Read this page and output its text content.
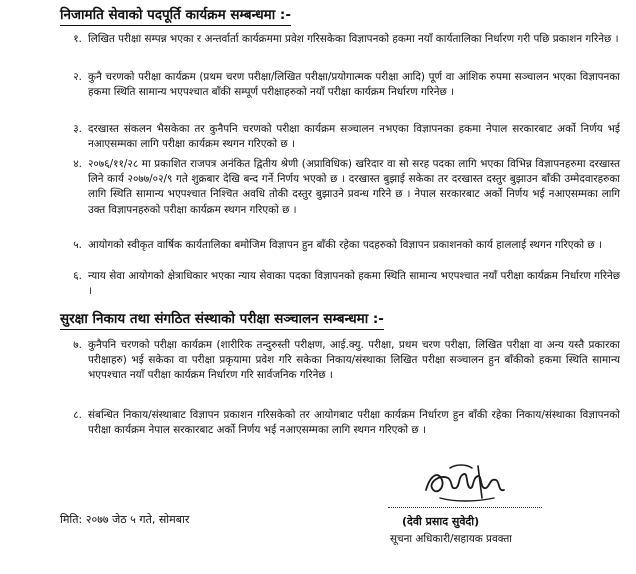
निजामति सेवाको पदपूर्ति कार्यक्रम सम्बन्धमा :-
१. लिखित परीक्षा सम्पन्न भएका र अन्तर्वार्ता कार्यक्रममा प्रवेश गरिसकेका विज्ञापनको हकमा नयाँ कार्यतालिका निर्धारण गरी पछि प्रकाशन गरिनेछ ।
२. कुनै चरणको परीक्षा कार्यक्रम (प्रथम चरण परीक्षा/लिखित परीक्षा/प्रयोगात्मक परीक्षा आदि) पूर्ण वा आंशिक रुपमा सञ्चालन भएका विज्ञापनका हकमा स्थिति सामान्य भएपश्चात बाँकी सम्पूर्ण परीक्षाहरुको नयाँ परीक्षा कार्यक्रम निर्धारण गरिनेछ ।
३. दरखास्त संकलन भैसकेका तर कुनैपनि चरणको परीक्षा कार्यक्रम सञ्चालन नभएका विज्ञापनका हकमा नेपाल सरकारबाट अर्को निर्णय भई नआएसम्मका लागि परीक्षा कार्यक्रम स्थगन गरिएको छ ।
४. २०७६/११/२८ मा प्रकाशित राजपत्र अनंकित द्वितीय श्रेणी (अप्राविधिक) खरिदार वा सो सरह पदका लागि भएका विभिन्न विज्ञापनहरुमा दरखास्त लिने कार्य २०७७/०२/९ गते शुक्रबार देखि बन्द गर्ने निर्णय भएको छ । दरखास्त बुझाई सकेका तर दरखास्त दस्तुर बुझाउन बाँकी उम्मेदवारहरुका लागि स्थिति सामान्य भएपश्चात निश्चित अवधि तोकी दस्तुर बुझाउने प्रवन्ध गरिने छ । नेपाल सरकारबाट अर्को निर्णय भई नआएसम्मका लागि उक्त विज्ञापनहरुको परीक्षा कार्यक्रम स्थगन गरिएको छ ।
५. आयोगको स्वीकृत वार्षिक कार्यतालिका बमोजिम विज्ञापन हुन बाँकी रहेका पदहरुको विज्ञापन प्रकाशनको कार्य हाललाई स्थगन गरिएको छ ।
६. न्याय सेवा आयोगको क्षेत्राधिकार भएका न्याय सेवाका पदका विज्ञापनको हकमा स्थिति सामान्य भएपश्चात नयाँ परीक्षा कार्यक्रम निर्धारण गरिनेछ ।
सुरक्षा निकाय तथा संगठित संस्थाको परीक्षा सञ्चालन सम्बन्धमा :-
७. कुनैपनि चरणको परीक्षा कार्यक्रम (शारीरिक तन्दुरुस्ती परीक्षण, आई.क्यु. परीक्षा, प्रथम चरण परीक्षा, लिखित परीक्षा वा अन्य यस्तै प्रकारका परीक्षाहरु) भई सकेका वा परीक्षा प्रकृयामा प्रवेश गरि सकेका निकाय/संस्थाका लिखित परीक्षा सञ्चालन हुन बाँकीको हकमा स्थिति सामान्य भएपश्चात नयाँ परीक्षा कार्यक्रम निर्धारण गरि सार्वजनिक गरिनेछ ।
८. संबन्धित निकाय/संस्थाबाट विज्ञापन प्रकाशन गरिसकेको तर आयोगबाट परीक्षा कार्यक्रम निर्धारण हुन बाँकी रहेका निकाय/संस्थाका विज्ञापनको परीक्षा कार्यक्रम नेपाल सरकारबाट अर्को निर्णय भई नआएसम्मका लागि स्थगन गरिएको छ ।
मिति: २०७७ जेठ ५ गते, सोमबार	(देवी प्रसाद सुवेदी)
सूचना अधिकारी/सहायक प्रवक्ता
